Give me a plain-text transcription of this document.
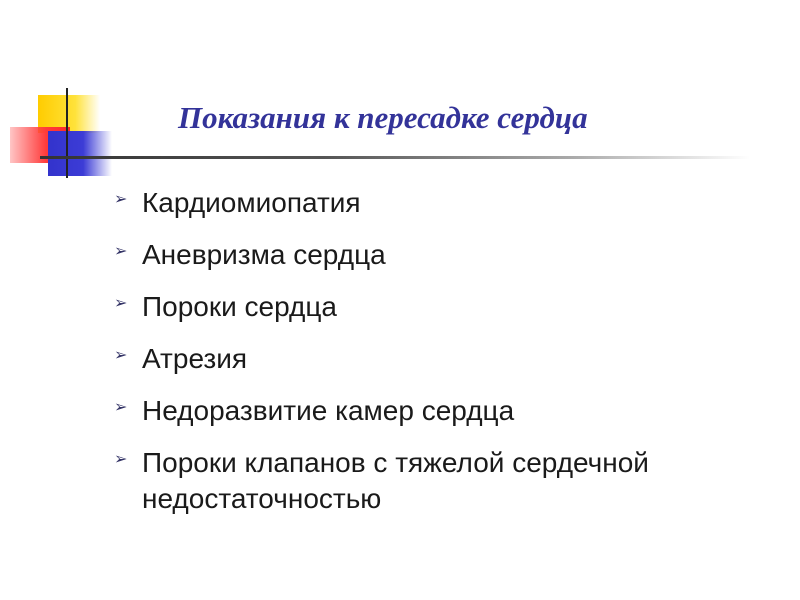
Показания к пересадке сердца
➢ Кардиомиопатия
➢ Аневризма сердца
➢ Пороки сердца
➢ Атрезия
➢ Недоразвитие камер сердца
➢ Пороки клапанов с тяжелой сердечной недостаточностью
